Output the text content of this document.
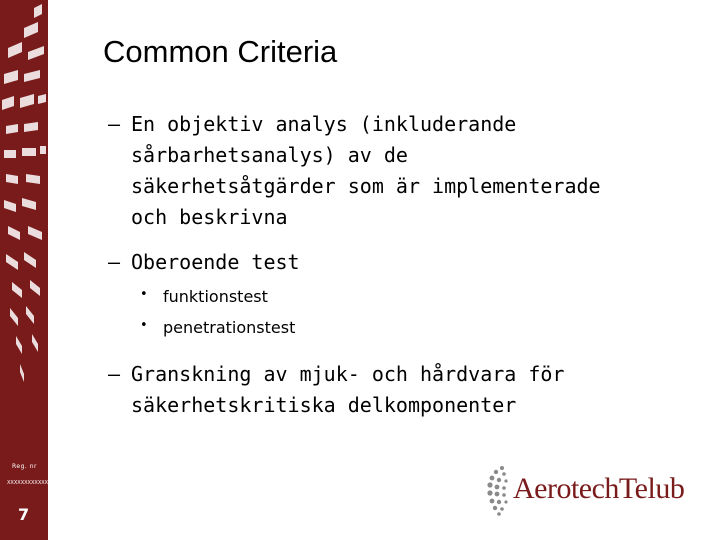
Reg. nr
XXXXXXXXXXXX
7
Common Criteria
– En objektiv analys (inkluderande
sårbarhetsanalys) av de
säkerhetsåtgärder som är implementerade
och beskrivna
– Oberoende test
• funktionstest
• penetrationstest
– Granskning av mjuk- och hårdvara för
säkerhetskritiska delkomponenter
AerotechTelub
